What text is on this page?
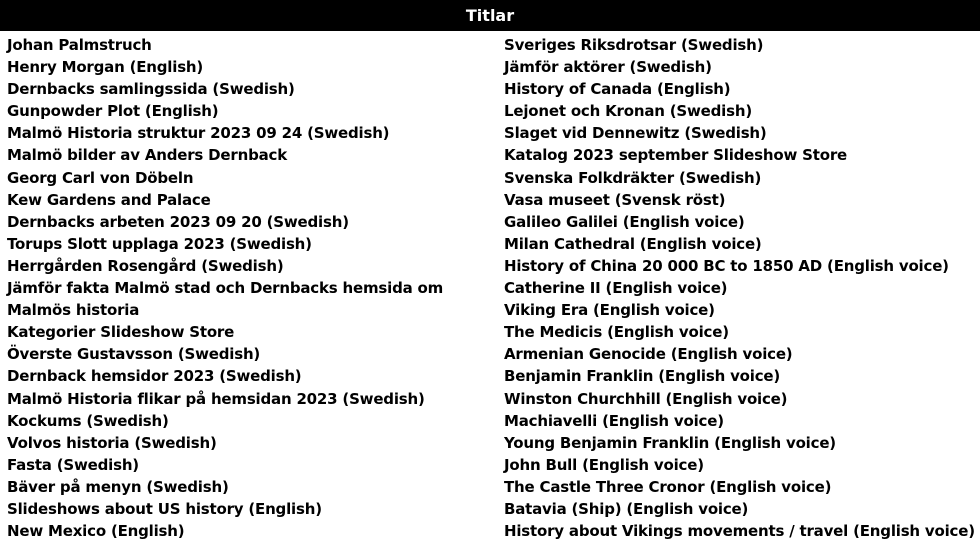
Titlar
Johan Palmstruch
Henry Morgan (English)
Dernbacks samlingssida (Swedish)
Gunpowder Plot (English)
Malmö Historia struktur 2023 09 24 (Swedish)
Malmö bilder av Anders Dernback
Georg Carl von Döbeln
Kew Gardens and Palace
Dernbacks arbeten 2023 09 20 (Swedish)
Torups Slott upplaga 2023 (Swedish)
Herrgården Rosengård (Swedish)
Jämför fakta Malmö stad och Dernbacks hemsida om Malmös historia
Kategorier Slideshow Store
Överste Gustavsson (Swedish)
Dernback hemsidor 2023 (Swedish)
Malmö Historia flikar på hemsidan 2023 (Swedish)
Kockums (Swedish)
Volvos historia (Swedish)
Fasta (Swedish)
Bäver på menyn (Swedish)
Slideshows about US history (English)
New Mexico (English)
Sveriges Riksdrotsar (Swedish)
Jämför aktörer (Swedish)
History of Canada (English)
Lejonet och Kronan (Swedish)
Slaget vid Dennewitz (Swedish)
Katalog 2023 september Slideshow Store
Svenska Folkdräkter (Swedish)
Vasa museet (Svensk röst)
Galileo Galilei (English voice)
Milan Cathedral (English voice)
History of China 20 000 BC to 1850 AD (English voice)
Catherine II (English voice)
Viking Era (English voice)
The Medicis (English voice)
Armenian Genocide (English voice)
Benjamin Franklin (English voice)
Winston Churchhill (English voice)
Machiavelli (English voice)
Young Benjamin Franklin (English voice)
John Bull (English voice)
The Castle Three Cronor (English voice)
Batavia (Ship) (English voice)
History about Vikings movements / travel (English voice)
